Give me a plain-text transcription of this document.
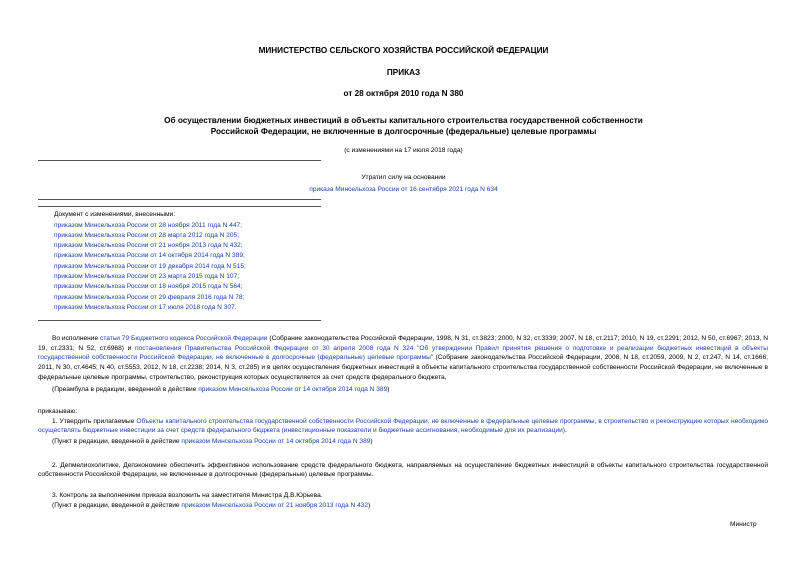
МИНИСТЕРСТВО СЕЛЬСКОГО ХОЗЯЙСТВА РОССИЙСКОЙ ФЕДЕРАЦИИ
ПРИКАЗ
от 28 октября 2010 года N 380
Об осуществлении бюджетных инвестиций в объекты капитального строительства государственной собственности Российской Федерации, не включенные в долгосрочные (федеральные) целевые программы
(с изменениями на 17 июля 2018 года)
Утратил силу на основании
приказа Минсельхоза России от 16 сентября 2021 года N 634
Документ с изменениями, внесенными:
приказом Минсельхоза России от 28 ноября 2011 года N 447;
приказом Минсельхоза России от 28 марта 2012 года N 205;
приказом Минсельхоза России от 21 ноября 2013 года N 432;
приказом Минсельхоза России от 14 октября 2014 года N 389;
приказом Минсельхоза России от 19 декабря 2014 года N 515;
приказом Минсельхоза России от 23 марта 2015 года N 107;
приказом Минсельхоза России от 18 ноября 2015 года N 564;
приказом Минсельхоза России от 29 февраля 2016 года N 78;
приказом Минсельхоза России от 17 июля 2018 года N 307.
Во исполнение статьи 79 Бюджетного кодекса Российской Федерации (Собрание законодательства Российской Федерации, 1998, N 31, ст.3823; 2000, N 32, ст.3339; 2007, N 18, ст.2117; 2010, N 19, ст.2291; 2012, N 50, ст.6967; 2013, N 19, ст.2331; N 52, ст.6968) и постановления Правительства Российской Федерации от 30 апреля 2008 года N 324 "Об утверждении Правил принятия решения о подготовке и реализации бюджетных инвестиций в объекты государственной собственности Российской Федерации, не включенные в долгосрочные (федеральные) целевые программы" (Собрание законодательства Российской Федерации, 2008, N 18, ст.2059, 2009, N 2, ст.247, N 14, ст.1666; 2011, N 30, ст.4645; N 40, ст.5553, 2012, N 18, ст.2238; 2014, N 3, ст.285) и в целях осуществления бюджетных инвестиций в объекты капитального строительства государственной собственности Российской Федерации, не включенные в федеральные целевые программы, строительство, реконструкция которых осуществляется за счет средств федерального бюджета,
(Преамбула в редакции, введенной в действие приказом Минсельхоза России от 14 октября 2014 года N 389)
приказываю:
1. Утвердить прилагаемые Объекты капитального строительства государственной собственности Российской Федерации, не включенные в федеральные целевые программы, в строительство и реконструкцию которых необходимо осуществлять бюджетные инвестиции за счет средств федерального бюджета (инвестиционные показатели и бюджетные ассигнования, необходимые для их реализации).
(Пункт в редакции, введенной в действие приказом Минсельхоза России от 14 октября 2014 года N 389)
2. Депмелиохолитике, Депэкономике обеспечить эффективное использование средств федерального бюджета, направляемых на осуществление бюджетных инвестиций в объекты капитального строительства государственной собственности Российской Федерации, не включенные в долгосрочные (федеральные) целевые программы.
3. Контроль за выполнением приказа возложить на заместителя Министра Д.В.Юрьева.
(Пункт в редакции, введенной в действие приказом Минсельхоза России от 21 ноября 2013 года N 432)
Министр
